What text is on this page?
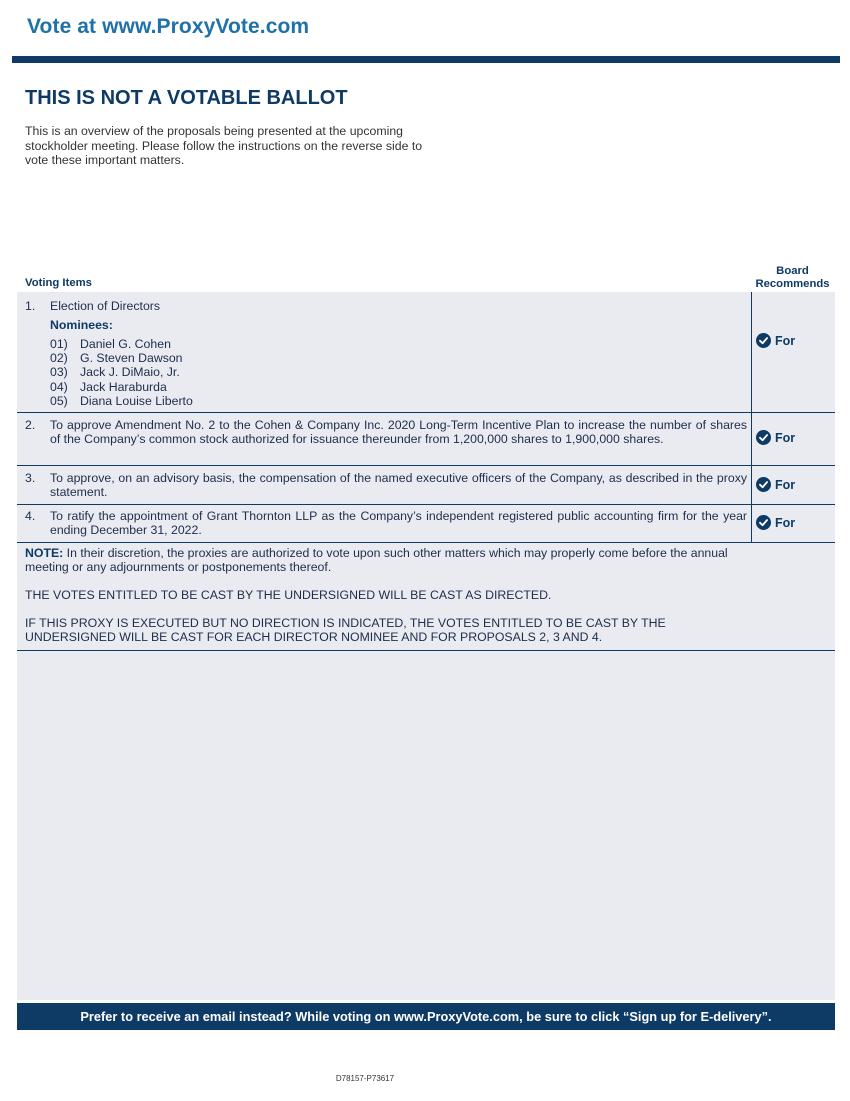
Vote at www.ProxyVote.com
THIS IS NOT A VOTABLE BALLOT

This is an overview of the proposals being presented at the upcoming stockholder meeting. Please follow the instructions on the reverse side to vote these important matters.

Voting Items
Board
Recommends
1. Election of Directors
Nominees:
01) Daniel G. Cohen
02) G. Steven Dawson
03) Jack J. DiMaio, Jr.
04) Jack Haraburda
05) Diana Louise Liberto
For
2. To approve Amendment No. 2 to the Cohen & Company Inc. 2020 Long-Term Incentive Plan to increase the number of shares of the Company’s common stock authorized for issuance thereunder from 1,200,000 shares to 1,900,000 shares.	For
3. To approve, on an advisory basis, the compensation of the named executive officers of the Company, as described in the proxy statement.
For
4. To ratify the appointment of Grant Thornton LLP as the Company’s independent registered public accounting firm for the year ending December 31, 2022.
For
NOTE: In their discretion, the proxies are authorized to vote upon such other matters which may properly come before the annual meeting or any adjournments or postponements thereof.
THE VOTES ENTITLED TO BE CAST BY THE UNDERSIGNED WILL BE CAST AS DIRECTED.
IF THIS PROXY IS EXECUTED BUT NO DIRECTION IS INDICATED, THE VOTES ENTITLED TO BE CAST BY THE UNDERSIGNED WILL BE CAST FOR EACH DIRECTOR NOMINEE AND FOR PROPOSALS 2, 3 AND 4.
Prefer to receive an email instead? While voting on www.ProxyVote.com, be sure to click “Sign up for E-delivery”.
D78157-P73617
